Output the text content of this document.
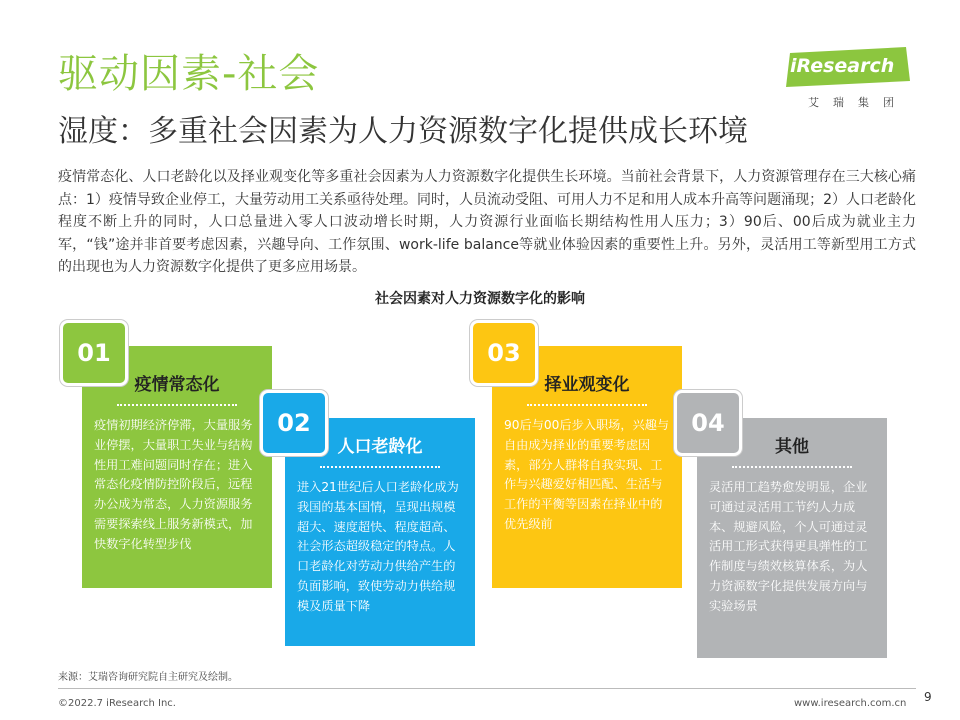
驱动因素-社会
湿度：多重社会因素为人力资源数字化提供成长环境
iResearch
艾瑞集团
疫情常态化、人口老龄化以及择业观变化等多重社会因素为人力资源数字化提供生长环境。当前社会背景下，人力资源管理存在三大核心痛点：1）疫情导致企业停工，大量劳动用工关系亟待处理。同时，人员流动受阻、可用人力不足和用人成本升高等问题涌现；2）人口老龄化程度不断上升的同时，人口总量进入零人口波动增长时期，人力资源行业面临长期结构性用人压力；3）90后、00后成为就业主力军，“钱”途并非首要考虑因素，兴趣导向、工作氛围、work-life balance等就业体验因素的重要性上升。另外，灵活用工等新型用工方式的出现也为人力资源数字化提供了更多应用场景。
社会因素对人力资源数字化的影响
疫情常态化

疫情初期经济停滞，大量服务业停摆，大量职工失业与结构性用工难问题同时存在；进入常态化疫情防控阶段后，远程办公成为常态，人力资源服务需要探索线上服务新模式，加快数字化转型步伐

01
人口老龄化

进入21世纪后人口老龄化成为我国的基本国情，呈现出规模超大、速度超快、程度超高、社会形态超级稳定的特点。人口老龄化对劳动力供给产生的负面影响，致使劳动力供给规模及质量下降

02
择业观变化

90后与00后步入职场，兴趣与自由成为择业的重要考虑因素，部分人群将自我实现、工作与兴趣爱好相匹配、生活与工作的平衡等因素在择业中的优先级前

03
其他

灵活用工趋势愈发明显，企业可通过灵活用工节约人力成本、规避风险，个人可通过灵活用工形式获得更具弹性的工作制度与绩效核算体系，为人力资源数字化提供发展方向与实验场景

04
来源：艾瑞咨询研究院自主研究及绘制。
©2022.7 iResearch Inc.	www.iresearch.com.cn 9
